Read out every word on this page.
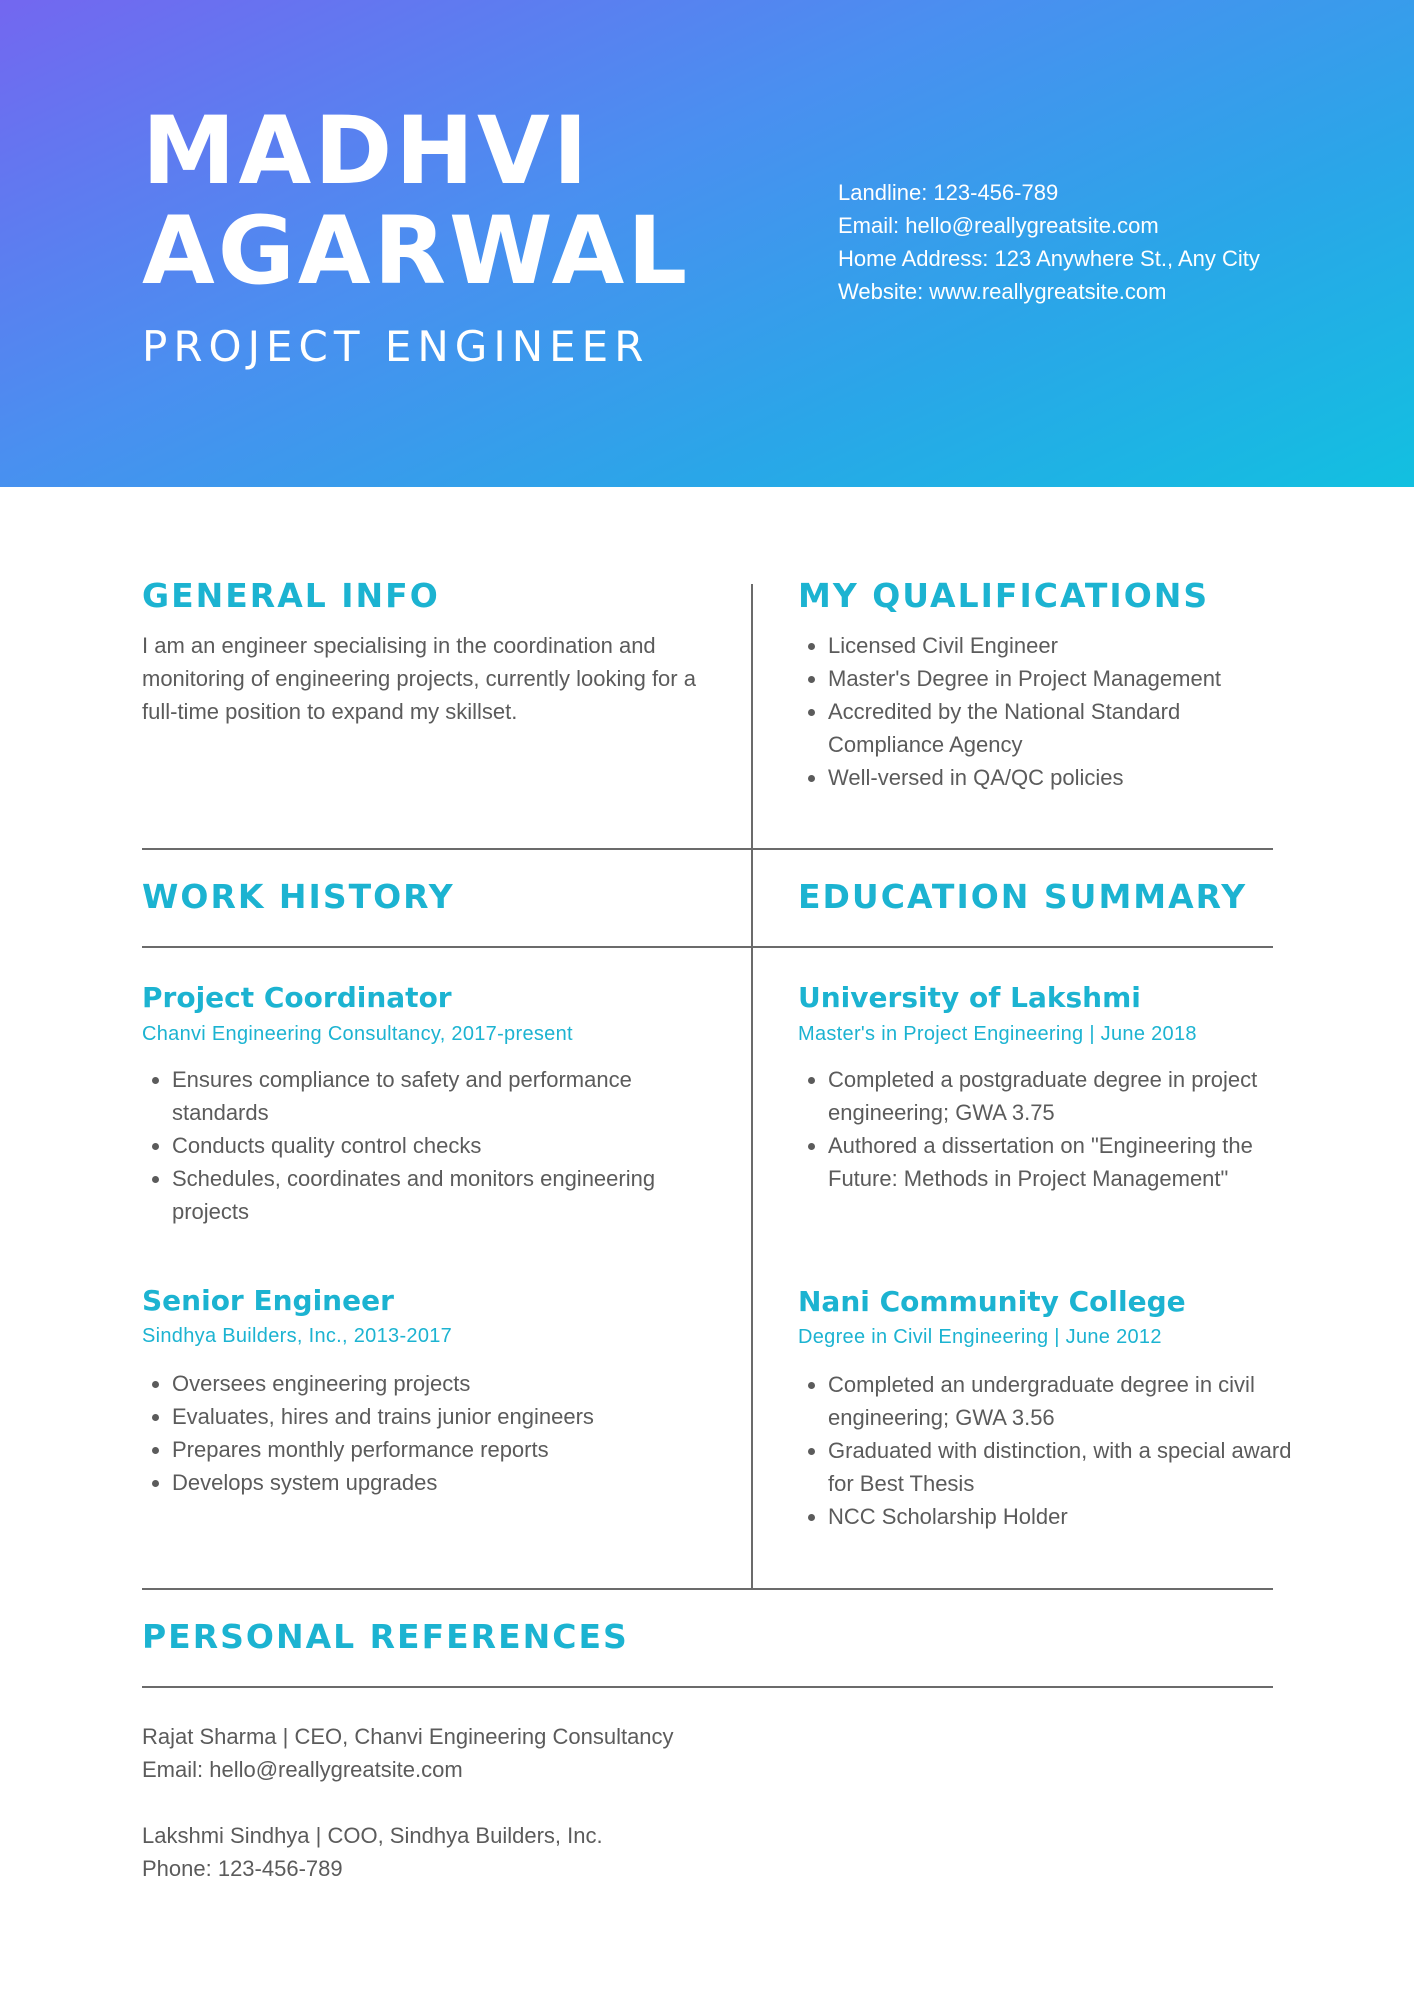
MADHVI
AGARWAL
PROJECT ENGINEER
Landline: 123-456-789
Email: hello@reallygreatsite.com
Home Address: 123 Anywhere St., Any City
Website: www.reallygreatsite.com
GENERAL INFO
I am an engineer specialising in the coordination and monitoring of engineering projects, currently looking for a full-time position to expand my skillset.
MY QUALIFICATIONS
• Licensed Civil Engineer
• Master's Degree in Project Management
• Accredited by the National Standard Compliance Agency
• Well-versed in QA/QC policies
WORK HISTORY
Project Coordinator
Chanvi Engineering Consultancy, 2017-present
• Ensures compliance to safety and performance standards
• Conducts quality control checks
• Schedules, coordinates and monitors engineering projects
Senior Engineer
Sindhya Builders, Inc., 2013-2017
• Oversees engineering projects
• Evaluates, hires and trains junior engineers
• Prepares monthly performance reports
• Develops system upgrades
EDUCATION SUMMARY
University of Lakshmi
Master's in Project Engineering | June 2018
• Completed a postgraduate degree in project engineering; GWA 3.75
• Authored a dissertation on "Engineering the Future: Methods in Project Management"
Nani Community College
Degree in Civil Engineering | June 2012
• Completed an undergraduate degree in civil engineering; GWA 3.56
• Graduated with distinction, with a special award for Best Thesis
• NCC Scholarship Holder
PERSONAL REFERENCES
Rajat Sharma | CEO, Chanvi Engineering Consultancy
Email: hello@reallygreatsite.com
Lakshmi Sindhya | COO, Sindhya Builders, Inc.
Phone: 123-456-789
